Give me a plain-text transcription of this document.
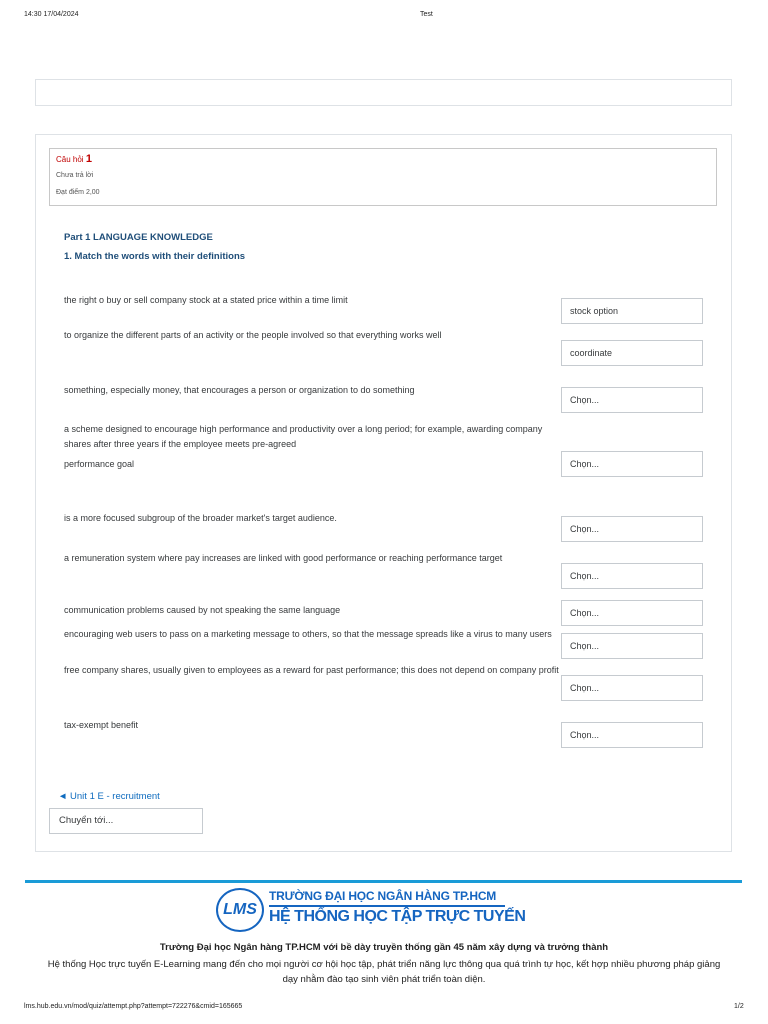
14:30 17/04/2024	Test
Câu hỏi 1
Chưa trả lời
Đạt điểm 2,00
Part 1 LANGUAGE KNOWLEDGE
1. Match the words with their definitions
the right o buy or sell company stock at a stated price within a time limit
stock option
to organize the different parts of an activity or the people involved so that everything works well
coordinate
something, especially money, that encourages a person or organization to do something
Chọn...
a scheme designed to encourage high performance and productivity over a long period; for example, awarding company shares after three years if the employee meets pre-agreed
performance goal	Chọn...
is a more focused subgroup of the broader market's target audience.
Chọn...
a remuneration system where pay increases are linked with good performance or reaching performance target
Chọn...
communication problems caused by not speaking the same language	Chọn...
encouraging web users to pass on a marketing message to others, so that the message spreads like a virus to many users
Chọn...
free company shares, usually given to employees as a reward for past performance; this does not depend on company profit
Chọn...
tax-exempt benefit
Chọn...
◄ Unit 1 E - recruitment
Chuyển tới...
LMS
TRƯỜNG ĐẠI HỌC NGÂN HÀNG TP.HCM
HỆ THỐNG HỌC TẬP TRỰC TUYẾN
Trường Đại học Ngân hàng TP.HCM với bề dày truyền thống gần 45 năm xây dựng và trưởng thành
Hệ thống Học trực tuyến E-Learning mang đến cho mọi người cơ hội học tập, phát triển năng lực thông qua quá trình tự học, kết hợp nhiều phương pháp giảng dạy nhằm đào tạo sinh viên phát triển toàn diện.
lms.hub.edu.vn/mod/quiz/attempt.php?attempt=722276&cmid=165665	1/2
